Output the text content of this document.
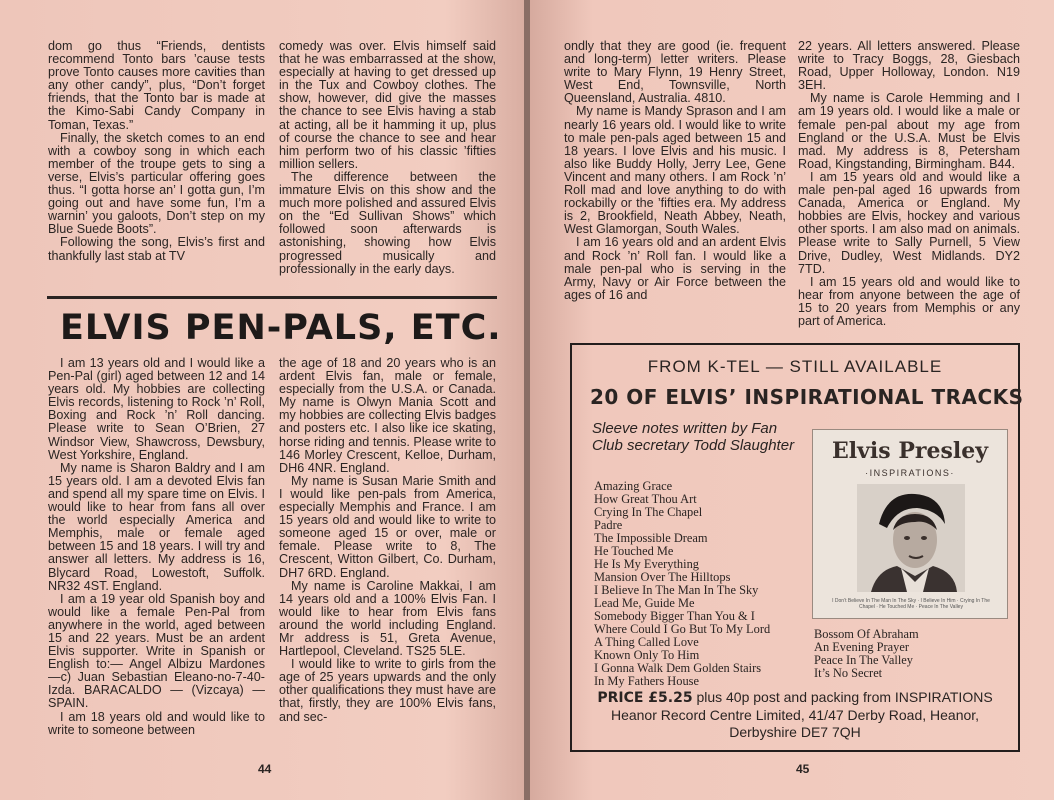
dom go thus “Friends, dentists recommend Tonto bars ’cause tests prove Tonto causes more cavities than any other candy”, plus, “Don’t forget friends, that the Tonto bar is made at the Kimo-Sabi Candy Company in Toman, Texas.”

Finally, the sketch comes to an end with a cowboy song in which each member of the troupe gets to sing a verse, Elvis’s particular offering goes thus. “I gotta horse an’ I gotta gun, I’m going out and have some fun, I’m a warnin’ you galoots, Don’t step on my Blue Suede Boots”.

Following the song, Elvis’s first and thankfully last stab at TV

comedy was over. Elvis himself said that he was embarrassed at the show, especially at having to get dressed up in the Tux and Cowboy clothes. The show, however, did give the masses the chance to see Elvis having a stab at acting, all be it hamming it up, plus of course the chance to see and hear him perform two of his classic ’fifties million sellers.

The difference between the immature Elvis on this show and the much more polished and assured Elvis on the “Ed Sullivan Shows” which followed soon afterwards is astonishing, showing how Elvis progressed musically and professionally in the early days.

ELVIS PEN-PALS, ETC.

I am 13 years old and I would like a Pen-Pal (girl) aged between 12 and 14 years old. My hobbies are collecting Elvis records, listening to Rock ’n’ Roll, Boxing and Rock ’n’ Roll dancing. Please write to Sean O’Brien, 27 Windsor View, Shawcross, Dewsbury, West Yorkshire, England.

My name is Sharon Baldry and I am 15 years old. I am a devoted Elvis fan and spend all my spare time on Elvis. I would like to hear from fans all over the world especially America and Memphis, male or female aged between 15 and 18 years. I will try and answer all letters. My address is 16, Blycard Road, Lowestoft, Suffolk. NR32 4ST. England.

I am a 19 year old Spanish boy and would like a female Pen-Pal from anywhere in the world, aged between 15 and 22 years. Must be an ardent Elvis supporter. Write in Spanish or English to:— Angel Albizu Mardones —c) Juan Sebastian Eleano-no-7-40-Izda. BARACALDO — (Vizcaya) — SPAIN.

I am 18 years old and would like to write to someone between

the age of 18 and 20 years who is an ardent Elvis fan, male or female, especially from the U.S.A. or Canada. My name is Olwyn Mania Scott and my hobbies are collecting Elvis badges and posters etc. I also like ice skating, horse riding and tennis. Please write to 146 Morley Crescent, Kelloe, Durham, DH6 4NR. England.

My name is Susan Marie Smith and I would like pen-pals from America, especially Memphis and France. I am 15 years old and would like to write to someone aged 15 or over, male or female. Please write to 8, The Crescent, Witton Gilbert, Co. Durham, DH7 6RD. England.

My name is Caroline Makkai, I am 14 years old and a 100% Elvis Fan. I would like to hear from Elvis fans around the world including England. Mr address is 51, Greta Avenue, Hartlepool, Cleveland. TS25 5LE.

I would like to write to girls from the age of 25 years upwards and the only other qualifications they must have are that, firstly, they are 100% Elvis fans, and sec-

44

ondly that they are good (ie. frequent and long-term) letter writers. Please write to Mary Flynn, 19 Henry Street, West End, Townsville, North Queensland, Australia. 4810.

My name is Mandy Sprason and I am nearly 16 years old. I would like to write to male pen-pals aged between 15 and 18 years. I love Elvis and his music. I also like Buddy Holly, Jerry Lee, Gene Vincent and many others. I am Rock ’n’ Roll mad and love anything to do with rockabilly or the ’fifties era. My address is 2, Brookfield, Neath Abbey, Neath, West Glamorgan, South Wales.

I am 16 years old and an ardent Elvis and Rock ’n’ Roll fan. I would like a male pen-pal who is serving in the Army, Navy or Air Force between the ages of 16 and

22 years. All letters answered. Please write to Tracy Boggs, 28, Giesbach Road, Upper Holloway, London. N19 3EH.

My name is Carole Hemming and I am 19 years old. I would like a male or female pen-pal about my age from England or the U.S.A. Must be Elvis mad. My address is 8, Petersham Road, Kingstanding, Birmingham. B44.

I am 15 years old and would like a male pen-pal aged 16 upwards from Canada, America or England. My hobbies are Elvis, hockey and various other sports. I am also mad on animals. Please write to Sally Purnell, 5 View Drive, Dudley, West Midlands. DY2 7TD.

I am 15 years old and would like to hear from anyone between the age of 15 to 20 years from Memphis or any part of America.

FROM K-TEL — STILL AVAILABLE
20 OF ELVIS’ INSPIRATIONAL TRACKS
Sleeve notes written by Fan Club secretary Todd Slaughter	Elvis Presley
·INSPIRATIONS·
I Don’t Believe In The Man In The Sky · I Believe In Him · Crying In The Chapel · He Touched Me · Peace In The Valley
Amazing Grace
How Great Thou Art
Crying In The Chapel
Padre
The Impossible Dream
He Touched Me
He Is My Everything
Mansion Over The Hilltops
I Believe In The Man In The Sky
Lead Me, Guide Me
Somebody Bigger Than You & I
Where Could I Go But To My Lord
A Thing Called Love
Known Only To Him
I Gonna Walk Dem Golden Stairs
In My Fathers House
Bossom Of Abraham
An Evening Prayer
Peace In The Valley
It’s No Secret
PRICE £5.25 plus 40p post and packing from INSPIRATIONS
Heanor Record Centre Limited, 41/47 Derby Road, Heanor,
Derbyshire DE7 7QH
45
